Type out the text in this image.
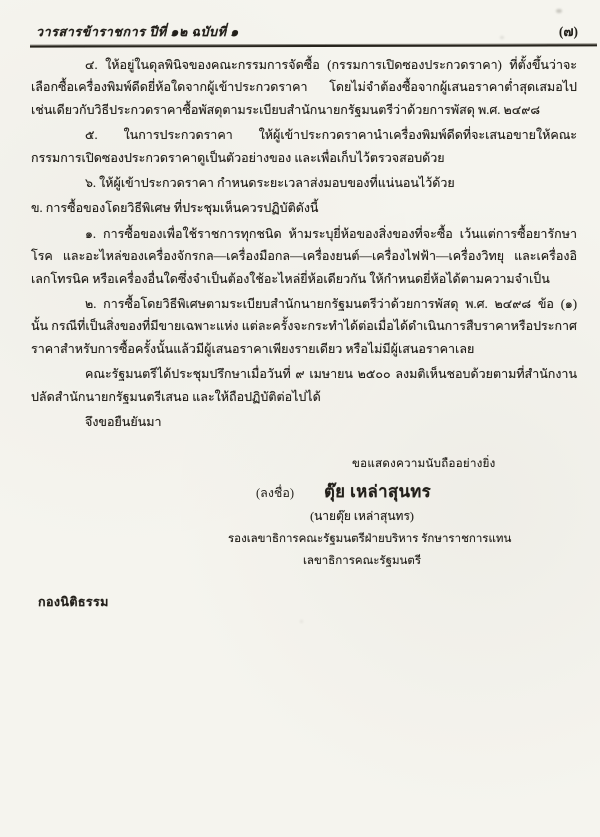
วารสารข้าราชการ ปีที่ ๑๒ ฉบับที่ ๑	(๗)

๔. ให้อยู่ในดุลพินิจของคณะกรรมการจัดซื้อ (กรรมการเปิดซองประกวดราคา) ที่ตั้งขึ้นว่าจะเลือกซื้อเครื่องพิมพ์ดีดยี่ห้อใดจากผู้เข้าประกวดราคา โดยไม่จำต้องซื้อจากผู้เสนอราคาต่ำสุดเสมอไป เช่นเดียวกับวิธีประกวดราคาซื้อพัสดุตามระเบียบสำนักนายกรัฐมนตรีว่าด้วยการพัสดุ พ.ศ. ๒๔๙๘

๕. ในการประกวดราคา ให้ผู้เข้าประกวดราคานำเครื่องพิมพ์ดีดที่จะเสนอขายให้คณะกรรมการเปิดซองประกวดราคาดูเป็นตัวอย่างของ และเพื่อเก็บไว้ตรวจสอบด้วย

๖. ให้ผู้เข้าประกวดราคา กำหนดระยะเวลาส่งมอบของที่แน่นอนไว้ด้วย

ข. การซื้อของโดยวิธีพิเศษ ที่ประชุมเห็นควรปฏิบัติดังนี้

๑. การซื้อของเพื่อใช้ราชการทุกชนิด ห้ามระบุยี่ห้อของสิ่งของที่จะซื้อ เว้นแต่การซื้อยารักษาโรค และอะไหล่ของเครื่องจักรกล—เครื่องมือกล—เครื่องยนต์—เครื่องไฟฟ้า—เครื่องวิทยุ และเครื่องอิเลกโทรนิค หรือเครื่องอื่นใดซึ่งจำเป็นต้องใช้อะไหล่ยี่ห้อเดียวกัน ให้กำหนดยี่ห้อได้ตามความจำเป็น

๒. การซื้อโดยวิธีพิเศษตามระเบียบสำนักนายกรัฐมนตรีว่าด้วยการพัสดุ พ.ศ. ๒๔๙๘ ข้อ (๑) นั้น กรณีที่เป็นสิ่งของที่มีขายเฉพาะแห่ง แต่ละครั้งจะกระทำได้ต่อเมื่อได้ดำเนินการสืบราคาหรือประกาศราคาสำหรับการซื้อครั้งนั้นแล้วมีผู้เสนอราคาเพียงรายเดียว หรือไม่มีผู้เสนอราคาเลย

คณะรัฐมนตรีได้ประชุมปรึกษาเมื่อวันที่ ๙ เมษายน ๒๕๐๐ ลงมติเห็นชอบด้วยตามที่สำนักงานปลัดสำนักนายกรัฐมนตรีเสนอ และให้ถือปฏิบัติต่อไปได้

จึงขอยืนยันมา

ขอแสดงความนับถืออย่างยิ่ง
(ลงชื่อ) ตุ๊ย เหล่าสุนทร
(นายตุ๊ย เหล่าสุนทร)
รองเลขาธิการคณะรัฐมนตรีฝ่ายบริหาร รักษาราชการแทน
เลขาธิการคณะรัฐมนตรี
กองนิติธรรม
